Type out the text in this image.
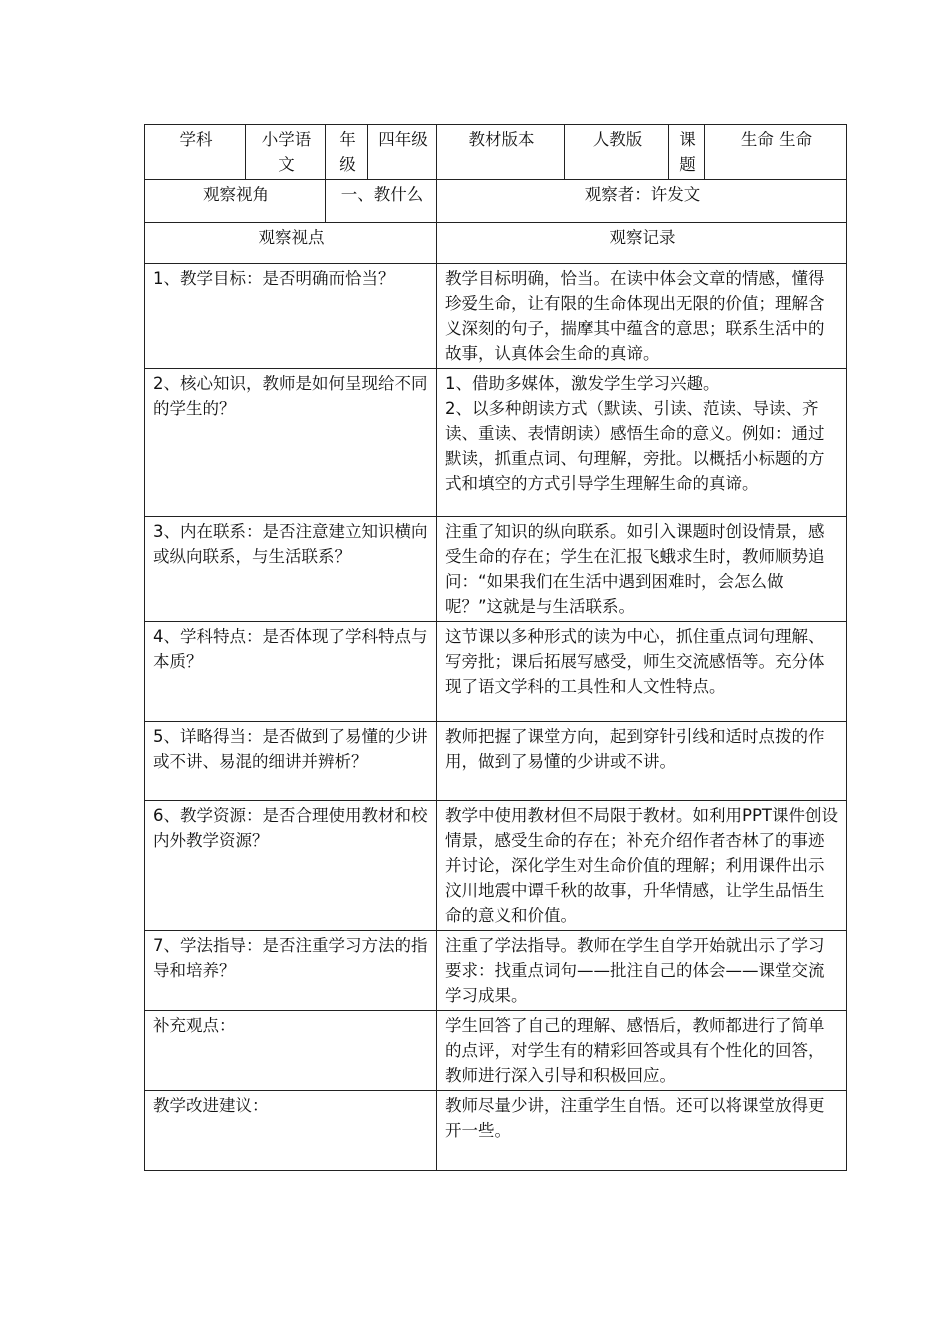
学科	小学语文	年级	四年级	教材版本	人教版	课题	生命 生命
观察视角		一、教什么		观察者：许发文			
观察视点				观察记录			
1、教学目标：是否明确而恰当？				教学目标明确，恰当。在读中体会文章的情感，懂得珍爱生命，让有限的生命体现出无限的价值；理解含义深刻的句子，揣摩其中蕴含的意思；联系生活中的故事，认真体会生命的真谛。			

2、核心知识，教师是如何呈现给不同的学生的？				1、借助多媒体，激发学生学习兴趣。

2、以多种朗读方式（默读、引读、范读、导读、齐读、重读、表情朗读）感悟生命的意义。例如：通过默读，抓重点词、句理解，旁批。以概括小标题的方式和填空的方式引导学生理解生命的真谛。			

3、内在联系：是否注意建立知识横向或纵向联系，与生活联系？				注重了知识的纵向联系。如引入课题时创设情景，感受生命的存在；学生在汇报飞蛾求生时，教师顺势追问：“如果我们在生活中遇到困难时，会怎么做呢？”这就是与生活联系。			

4、学科特点：是否体现了学科特点与本质？				这节课以多种形式的读为中心，抓住重点词句理解、写旁批；课后拓展写感受，师生交流感悟等。充分体现了语文学科的工具性和人文性特点。			

5、详略得当：是否做到了易懂的少讲或不讲、易混的细讲并辨析？				教师把握了课堂方向，起到穿针引线和适时点拨的作用，做到了易懂的少讲或不讲。			

6、教学资源：是否合理使用教材和校内外教学资源？				教学中使用教材但不局限于教材。如利用PPT课件创设情景，感受生命的存在；补充介绍作者杏林了的事迹并讨论，深化学生对生命价值的理解；利用课件出示汶川地震中谭千秋的故事，升华情感，让学生品悟生命的意义和价值。			

7、学法指导：是否注重学习方法的指导和培养？				注重了学法指导。教师在学生自学开始就出示了学习要求：找重点词句——批注自己的体会——课堂交流学习成果。			

补充观点：				学生回答了自己的理解、感悟后，教师都进行了简单的点评，对学生有的精彩回答或具有个性化的回答，教师进行深入引导和积极回应。			

教学改进建议：				教师尽量少讲，注重学生自悟。还可以将课堂放得更开一些。			
